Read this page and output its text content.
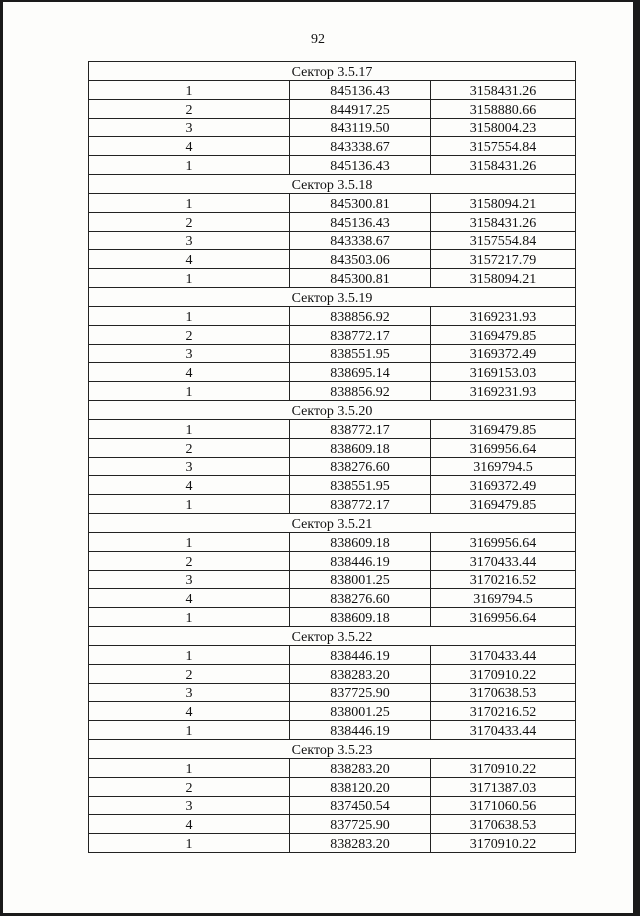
92
Сектор 3.5.17		
1	845136.43	3158431.26
2	844917.25	3158880.66
3	843119.50	3158004.23
4	843338.67	3157554.84
1	845136.43	3158431.26
Сектор 3.5.18		
1	845300.81	3158094.21
2	845136.43	3158431.26
3	843338.67	3157554.84
4	843503.06	3157217.79
1	845300.81	3158094.21
Сектор 3.5.19		
1	838856.92	3169231.93
2	838772.17	3169479.85
3	838551.95	3169372.49
4	838695.14	3169153.03
1	838856.92	3169231.93
Сектор 3.5.20		
1	838772.17	3169479.85
2	838609.18	3169956.64
3	838276.60	3169794.5
4	838551.95	3169372.49
1	838772.17	3169479.85
Сектор 3.5.21		
1	838609.18	3169956.64
2	838446.19	3170433.44
3	838001.25	3170216.52
4	838276.60	3169794.5
1	838609.18	3169956.64
Сектор 3.5.22		
1	838446.19	3170433.44
2	838283.20	3170910.22
3	837725.90	3170638.53
4	838001.25	3170216.52
1	838446.19	3170433.44
Сектор 3.5.23		
1	838283.20	3170910.22
2	838120.20	3171387.03
3	837450.54	3171060.56
4	837725.90	3170638.53
1	838283.20	3170910.22
